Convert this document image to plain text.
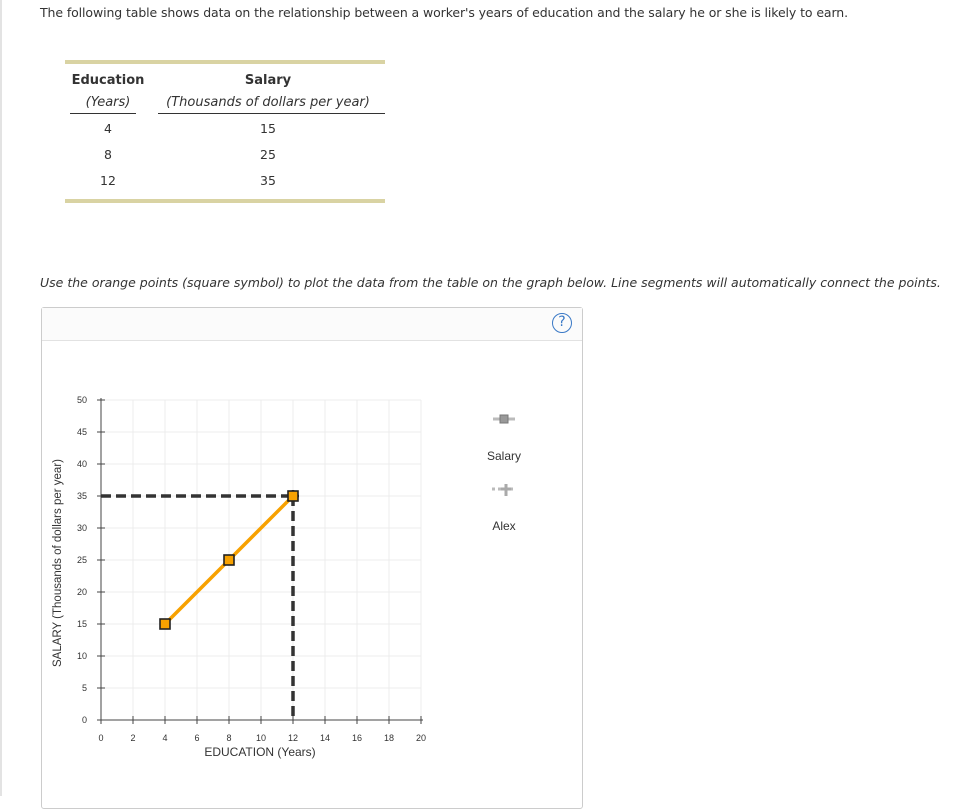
The following table shows data on the relationship between a worker's years of education and the salary he or she is likely to earn.
Education
(Years)
Salary
(Thousands of dollars per year)
4	15
8	25
12	35
Use the orange points (square symbol) to plot the data from the table on the graph below. Line segments will automatically connect the points.
?
0	2	4	6	8	10 12 14 16 18 20
0
5
10
15
20
25
30
35
40
45
50
EDUCATION (Years)
SALARY (Thousands of dollars per year)
Salary
Alex
